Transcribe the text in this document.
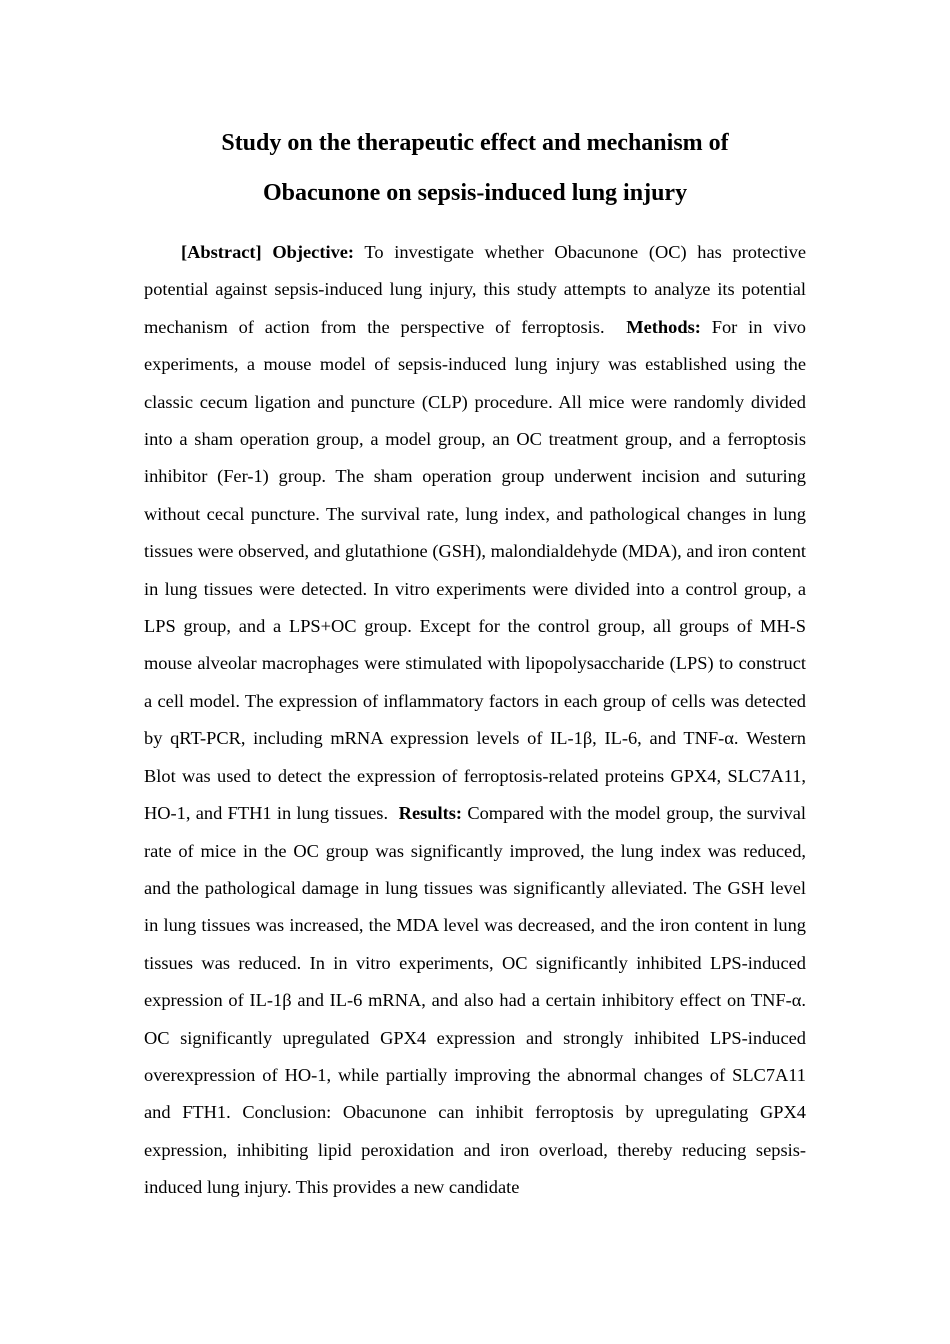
Study on the therapeutic effect and mechanism of
Obacunone on sepsis-induced lung injury

[Abstract] Objective: To investigate whether Obacunone (OC) has protective potential against sepsis-induced lung injury, this study attempts to analyze its potential mechanism of action from the perspective of ferroptosis. Methods: For in vivo experiments, a mouse model of sepsis-induced lung injury was established using the classic cecum ligation and puncture (CLP) procedure. All mice were randomly divided into a sham operation group, a model group, an OC treatment group, and a ferroptosis inhibitor (Fer-1) group. The sham operation group underwent incision and suturing without cecal puncture. The survival rate, lung index, and pathological changes in lung tissues were observed, and glutathione (GSH), malondialdehyde (MDA), and iron content in lung tissues were detected. In vitro experiments were divided into a control group, a LPS group, and a LPS+OC group. Except for the control group, all groups of MH-S mouse alveolar macrophages were stimulated with lipopolysaccharide (LPS) to construct a cell model. The expression of inflammatory factors in each group of cells was detected by qRT-PCR, including mRNA expression levels of IL-1β, IL-6, and TNF-α. Western Blot was used to detect the expression of ferroptosis-related proteins GPX4, SLC7A11, HO-1, and FTH1 in lung tissues. Results: Compared with the model group, the survival rate of mice in the OC group was significantly improved, the lung index was reduced, and the pathological damage in lung tissues was significantly alleviated. The GSH level in lung tissues was increased, the MDA level was decreased, and the iron content in lung tissues was reduced. In in vitro experiments, OC significantly inhibited LPS-induced expression of IL-1β and IL-6 mRNA, and also had a certain inhibitory effect on TNF-α. OC significantly upregulated GPX4 expression and strongly inhibited LPS-induced overexpression of HO-1, while partially improving the abnormal changes of SLC7A11 and FTH1. Conclusion: Obacunone can inhibit ferroptosis by upregulating GPX4 expression, inhibiting lipid peroxidation and iron overload, thereby reducing sepsis-induced lung injury. This provides a new candidate
